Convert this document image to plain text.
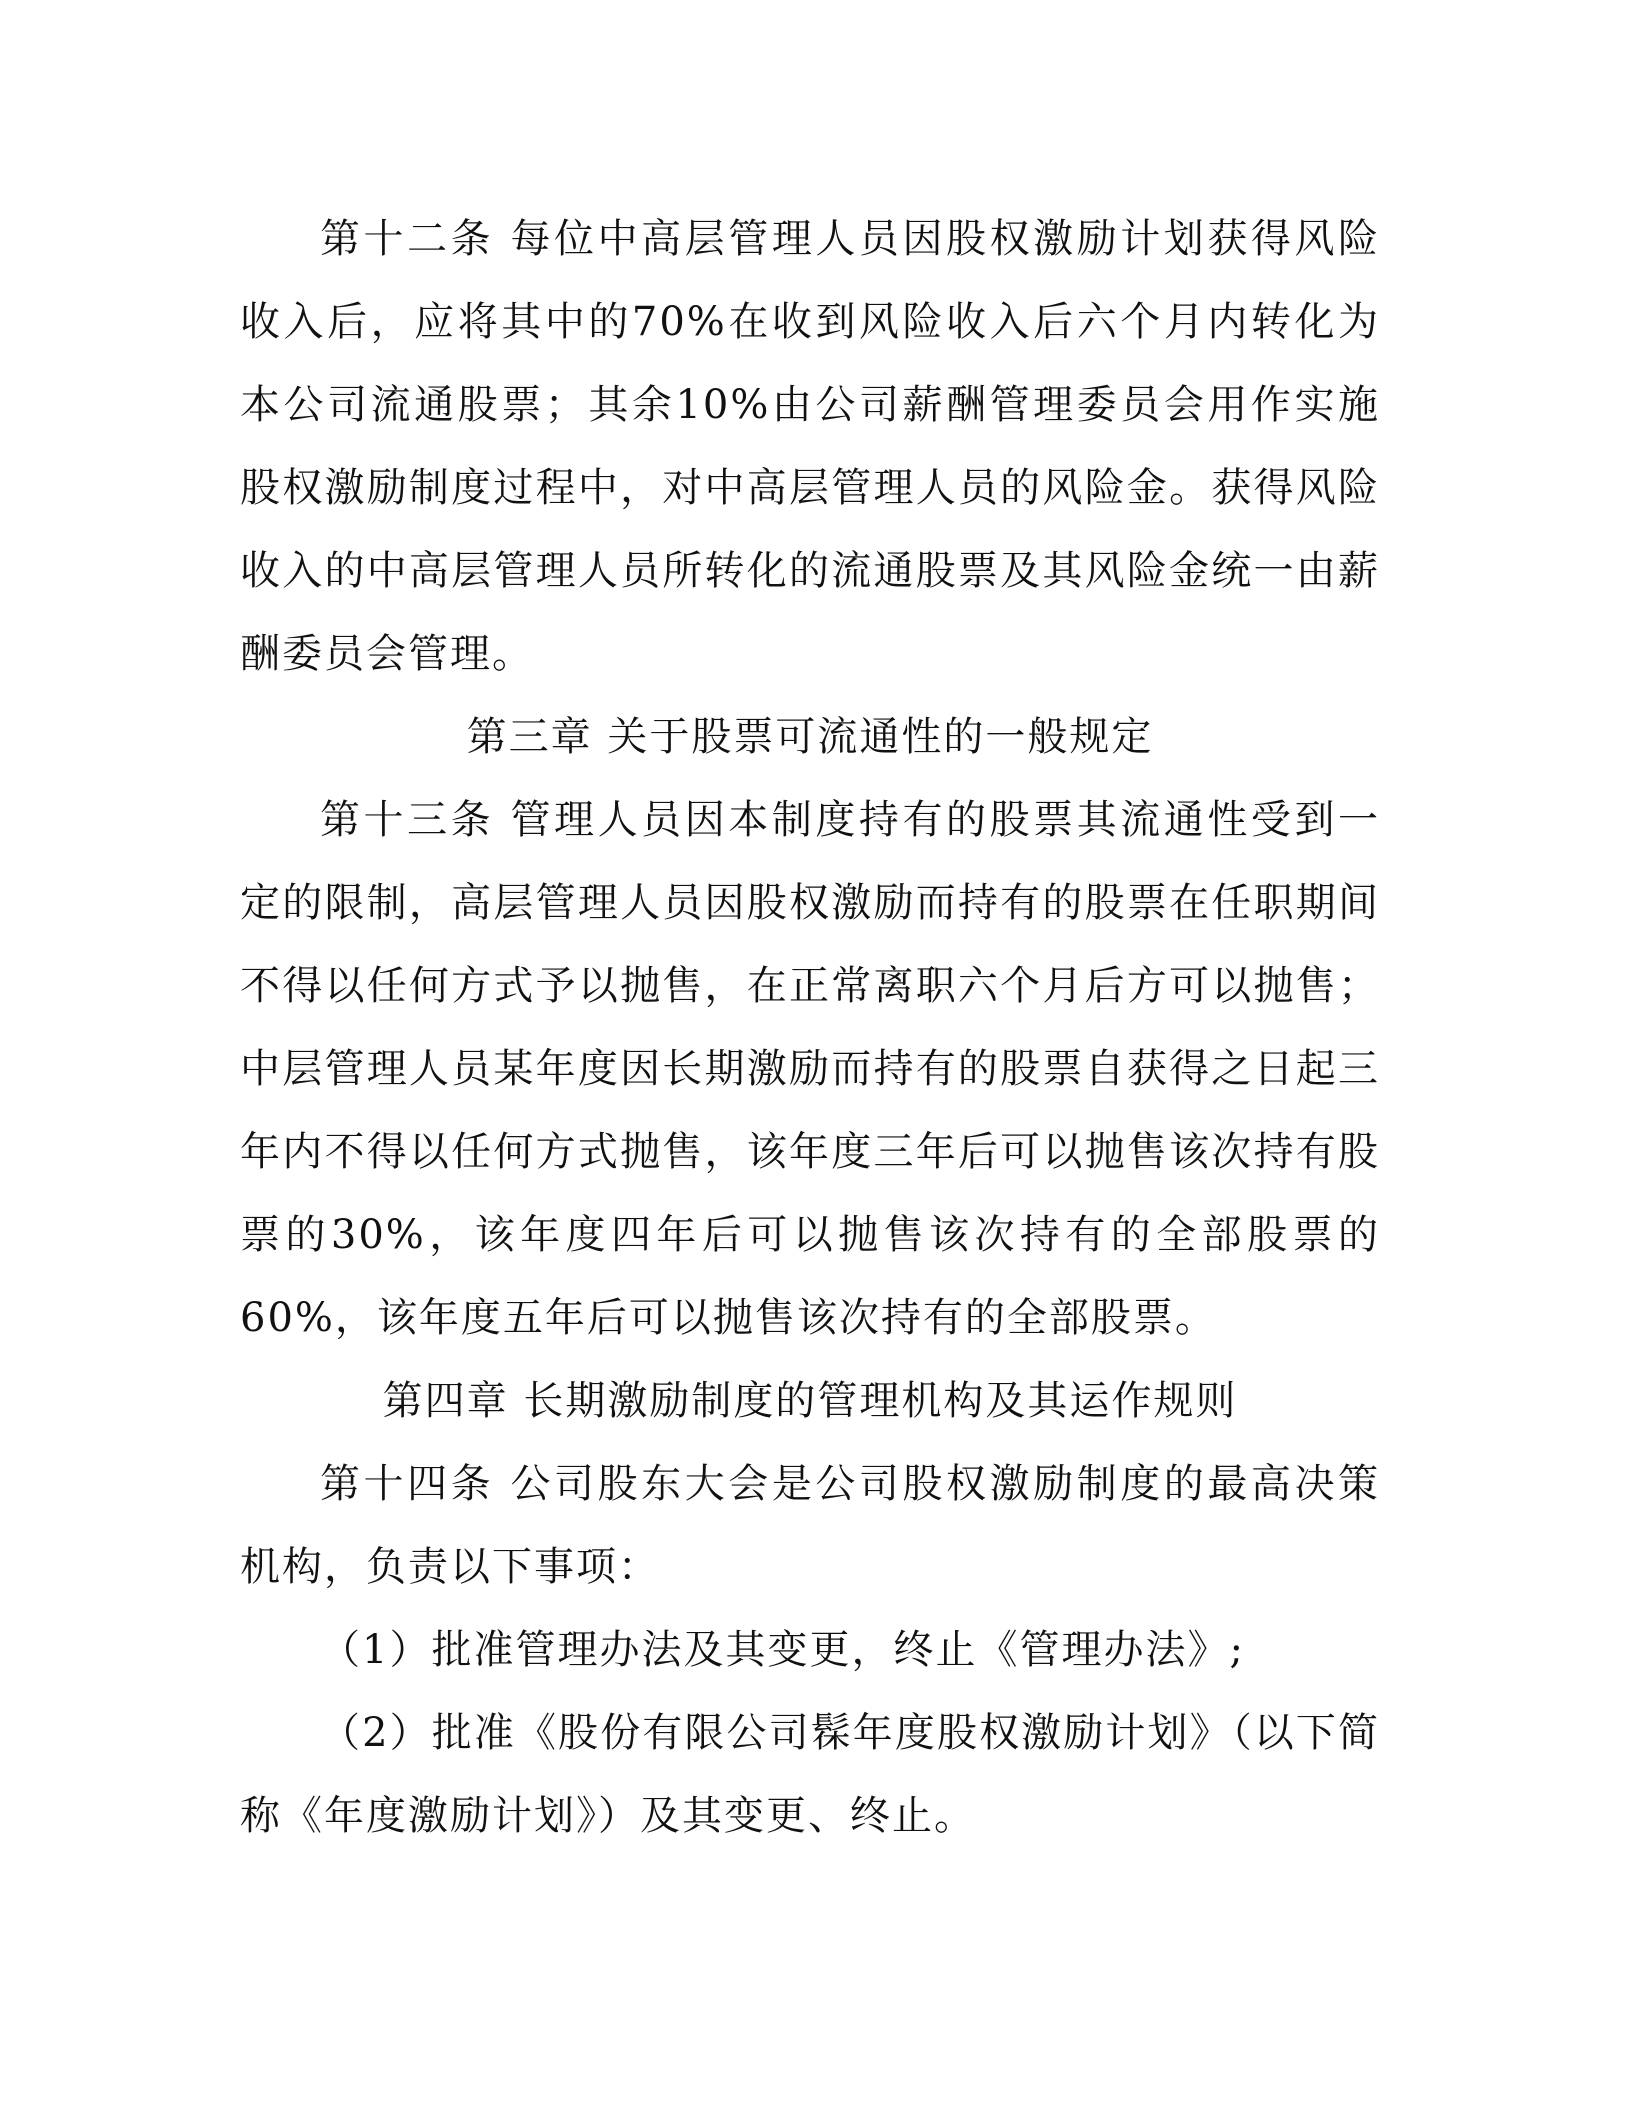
第十二条 每位中高层管理人员因股权激励计划获得风险收入后，应将其中的70%在收到风险收入后六个月内转化为本公司流通股票；其余10%由公司薪酬管理委员会用作实施股权激励制度过程中，对中高层管理人员的风险金。获得风险收入的中高层管理人员所转化的流通股票及其风险金统一由薪酬委员会管理。

第三章 关于股票可流通性的一般规定

第十三条 管理人员因本制度持有的股票其流通性受到一定的限制，高层管理人员因股权激励而持有的股票在任职期间不得以任何方式予以抛售，在正常离职六个月后方可以抛售；中层管理人员某年度因长期激励而持有的股票自获得之日起三年内不得以任何方式抛售，该年度三年后可以抛售该次持有股票的30%，该年度四年后可以抛售该次持有的全部股票的60%，该年度五年后可以抛售该次持有的全部股票。

第四章 长期激励制度的管理机构及其运作规则

第十四条 公司股东大会是公司股权激励制度的最高决策机构，负责以下事项：

（1）批准管理办法及其变更，终止《管理办法》;

（2）批准《股份有限公司髹年度股权激励计划》（以下简称《年度激励计划》）及其变更、终止。
